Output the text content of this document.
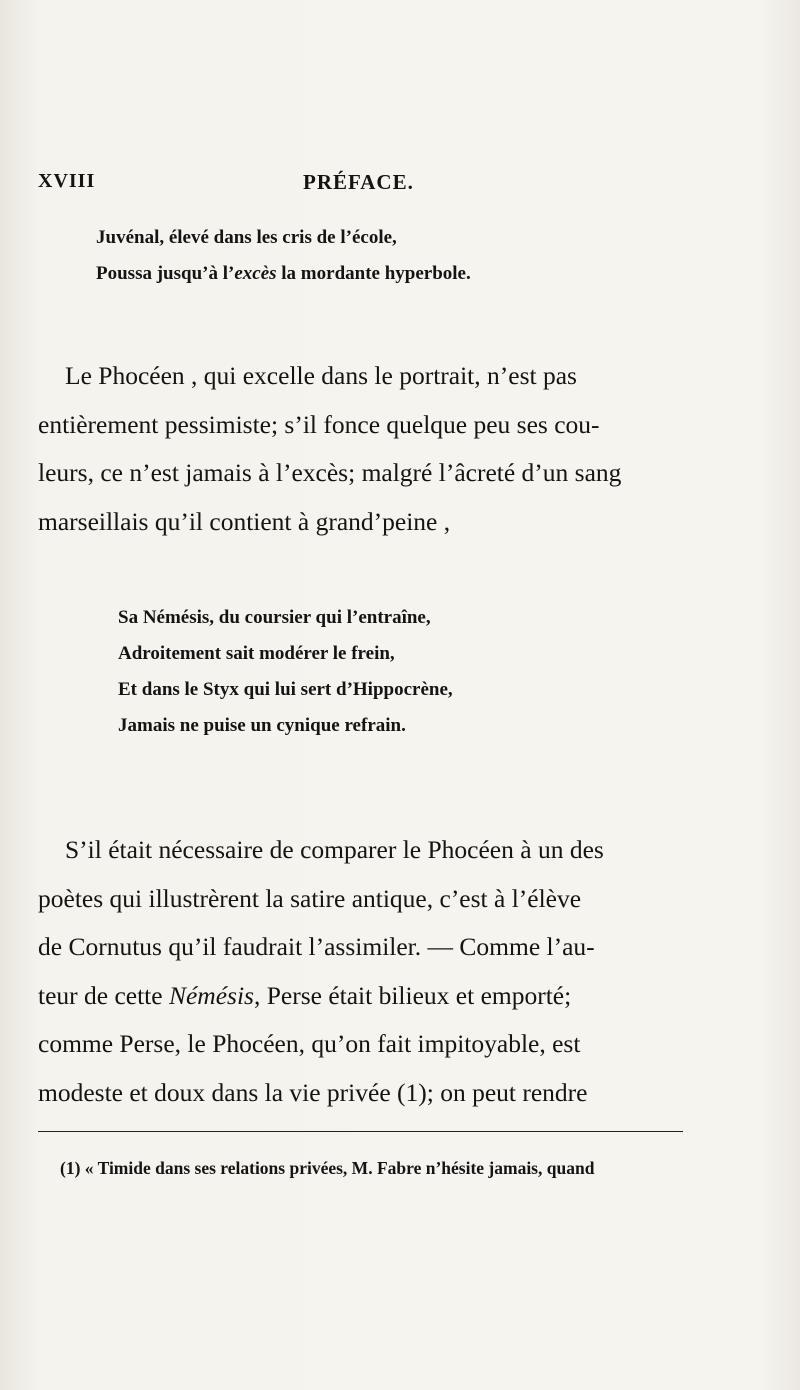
XVIII	PRÉFACE.
Juvénal, élevé dans les cris de l’école,
Poussa jusqu’à l’excès la mordante hyperbole.
Le Phocéen , qui excelle dans le portrait, n’est pas
entièrement pessimiste; s’il fonce quelque peu ses cou-
leurs, ce n’est jamais à l’excès; malgré l’âcreté d’un sang
marseillais qu’il contient à grand’peine ,
Sa Némésis, du coursier qui l’entraîne,
Adroitement sait modérer le frein,
Et dans le Styx qui lui sert d’Hippocrène,
Jamais ne puise un cynique refrain.
S’il était nécessaire de comparer le Phocéen à un des
poètes qui illustrèrent la satire antique, c’est à l’élève
de Cornutus qu’il faudrait l’assimiler. — Comme l’au-
teur de cette Némésis, Perse était bilieux et emporté;
comme Perse, le Phocéen, qu’on fait impitoyable, est
modeste et doux dans la vie privée (1); on peut rendre
(1) « Timide dans ses relations privées, M. Fabre n’hésite jamais, quand
